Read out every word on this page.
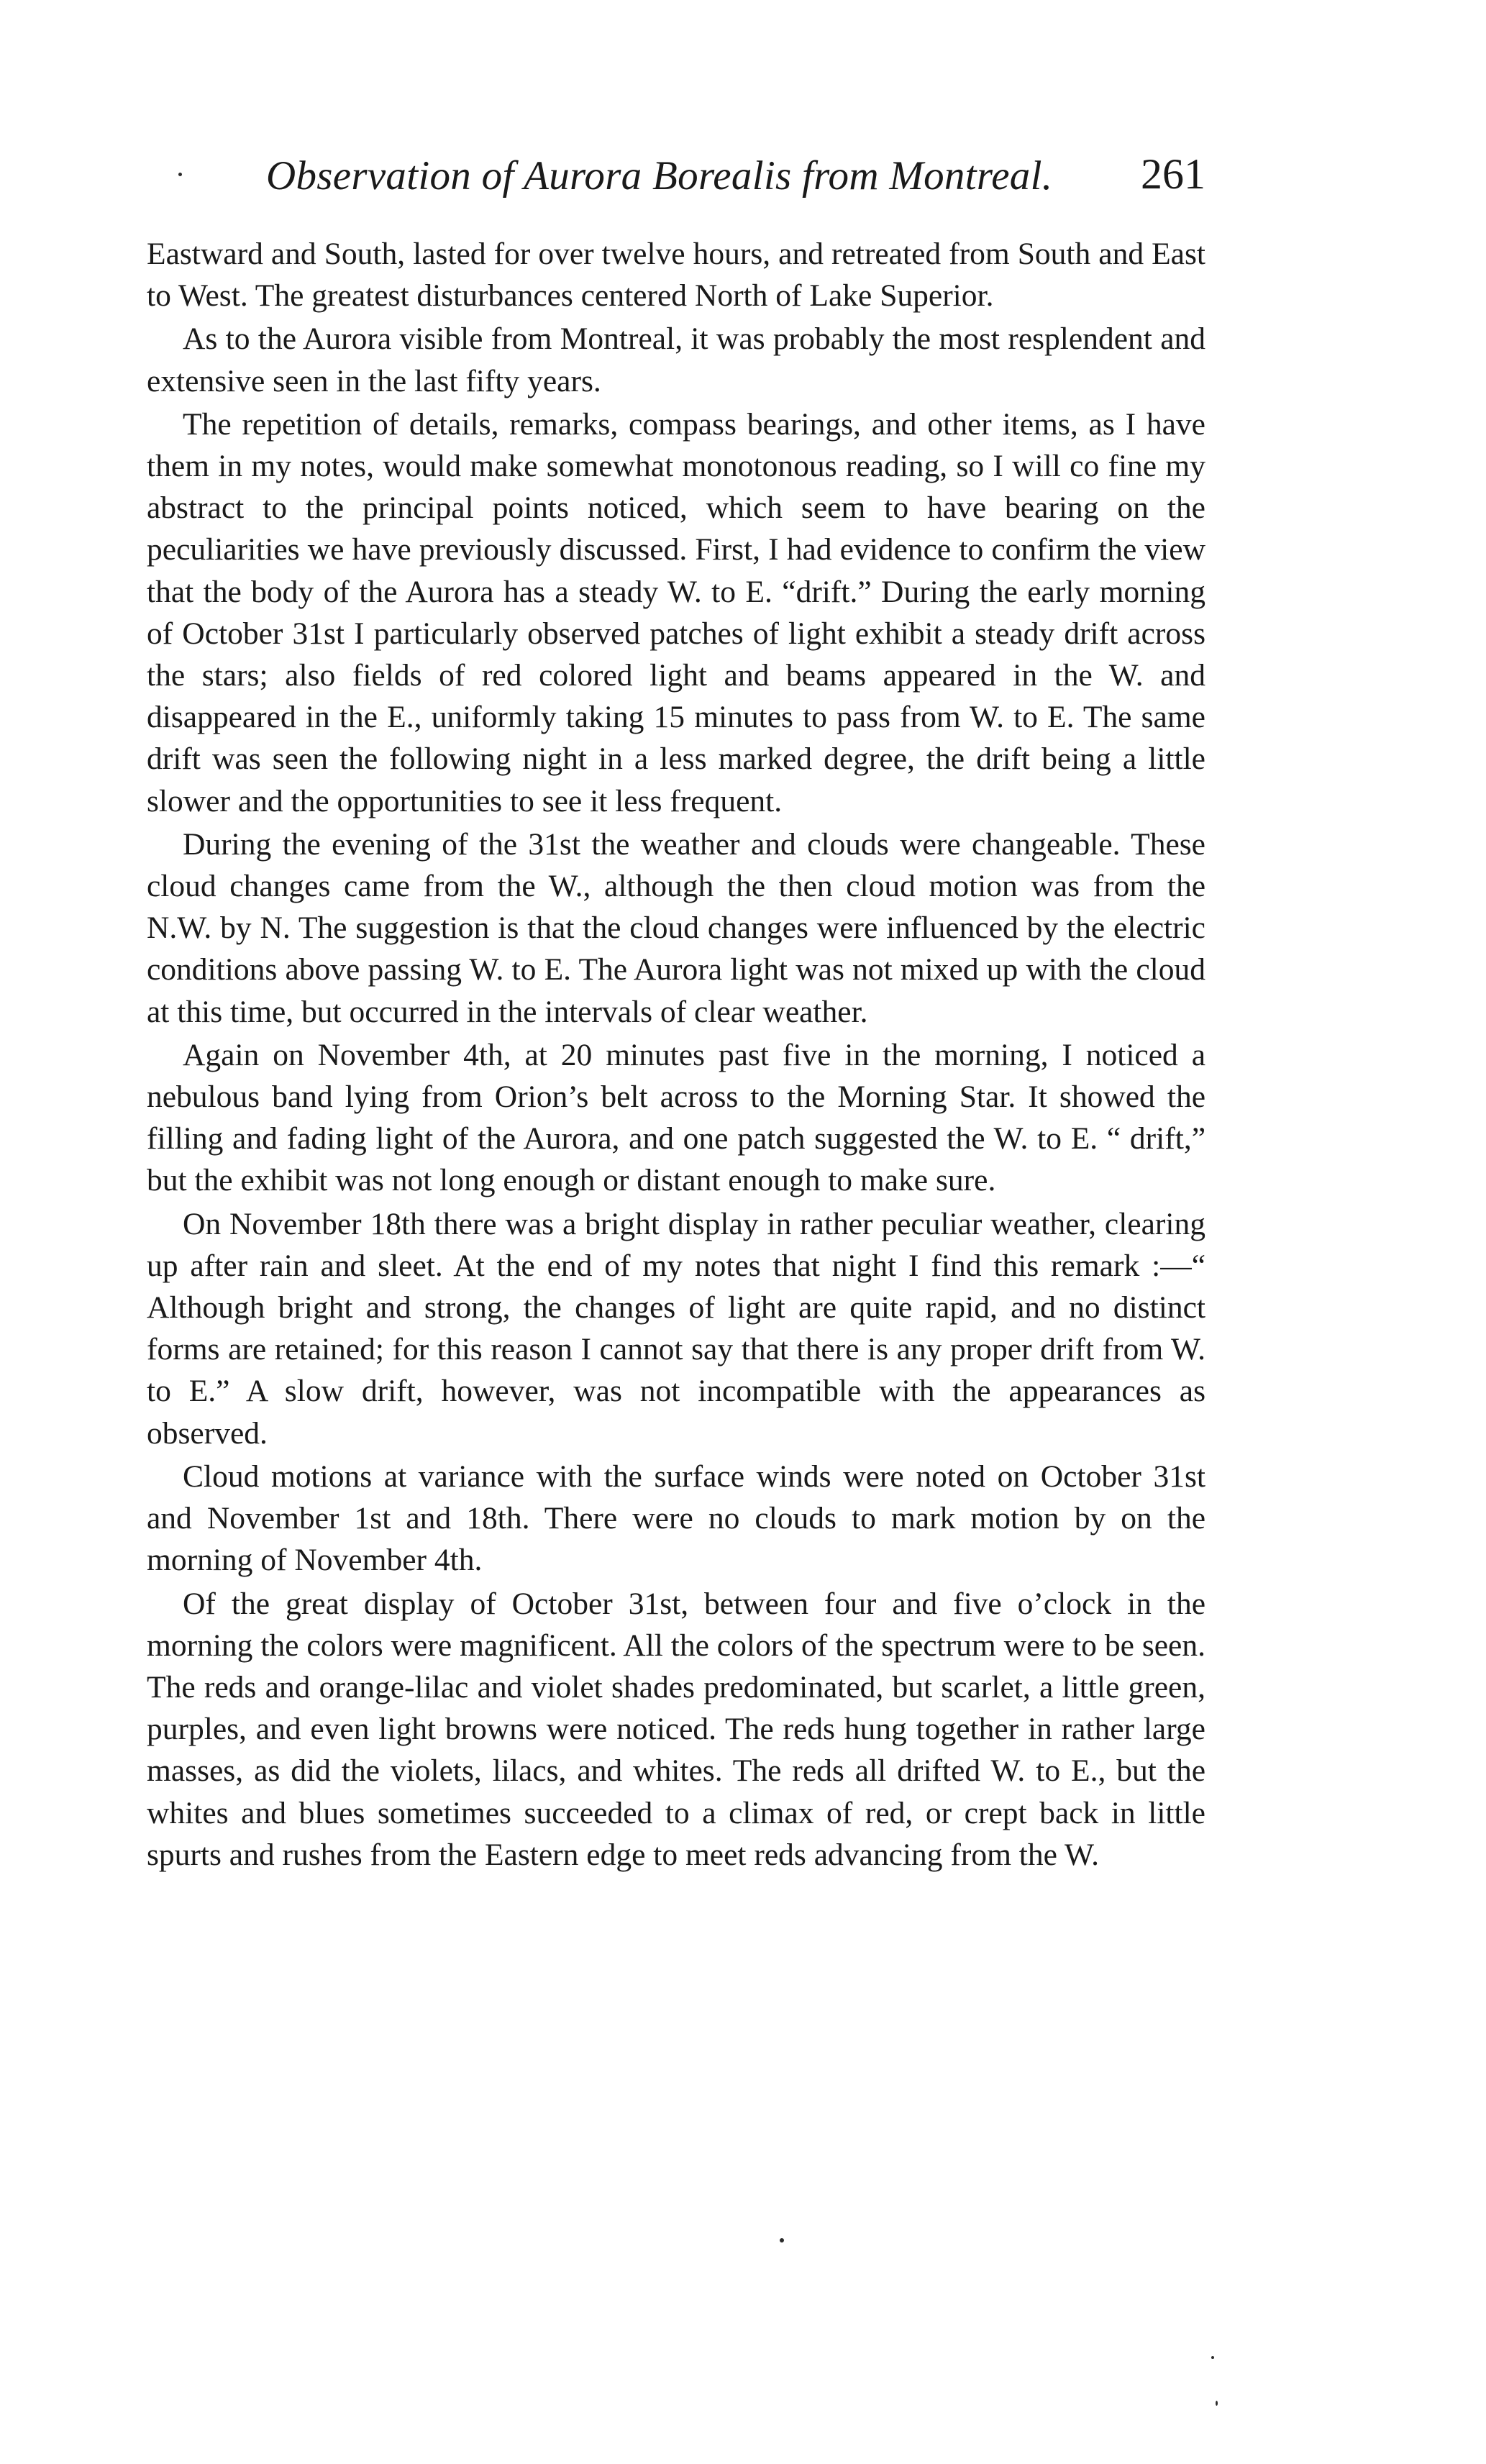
Observation of Aurora Borealis from Montreal. 261

Eastward and South, lasted for over twelve hours, and retreated from South and East to West. The greatest disturbances centered North of Lake Superior.

As to the Aurora visible from Montreal, it was probably the most resplendent and extensive seen in the last fifty years.

The repetition of details, remarks, compass bearings, and other items, as I have them in my notes, would make somewhat monotonous reading, so I will co fine my abstract to the principal points noticed, which seem to have bearing on the peculiarities we have previously discussed. First, I had evidence to confirm the view that the body of the Aurora has a steady W. to E. “drift.” During the early morning of October 31st I particularly observed patches of light exhibit a steady drift across the stars; also fields of red colored light and beams appeared in the W. and disappeared in the E., uniformly taking 15 minutes to pass from W. to E. The same drift was seen the following night in a less marked degree, the drift being a little slower and the opportunities to see it less frequent.

During the evening of the 31st the weather and clouds were changeable. These cloud changes came from the W., although the then cloud motion was from the N.W. by N. The suggestion is that the cloud changes were influenced by the electric conditions above passing W. to E. The Aurora light was not mixed up with the cloud at this time, but occurred in the intervals of clear weather.

Again on November 4th, at 20 minutes past five in the morning, I noticed a nebulous band lying from Orion’s belt across to the Morning Star. It showed the filling and fading light of the Aurora, and one patch suggested the W. to E. “ drift,” but the exhibit was not long enough or distant enough to make sure.

On November 18th there was a bright display in rather peculiar weather, clearing up after rain and sleet. At the end of my notes that night I find this remark :—“ Although bright and strong, the changes of light are quite rapid, and no distinct forms are retained; for this reason I cannot say that there is any proper drift from W. to E.” A slow drift, however, was not incompatible with the appearances as observed.

Cloud motions at variance with the surface winds were noted on October 31st and November 1st and 18th. There were no clouds to mark motion by on the morning of November 4th.

Of the great display of October 31st, between four and five o’clock in the morning the colors were magnificent. All the colors of the spectrum were to be seen. The reds and orange-lilac and violet shades predominated, but scarlet, a little green, purples, and even light browns were noticed. The reds hung together in rather large masses, as did the violets, lilacs, and whites. The reds all drifted W. to E., but the whites and blues sometimes succeeded to a climax of red, or crept back in little spurts and rushes from the Eastern edge to meet reds advancing from the W.
